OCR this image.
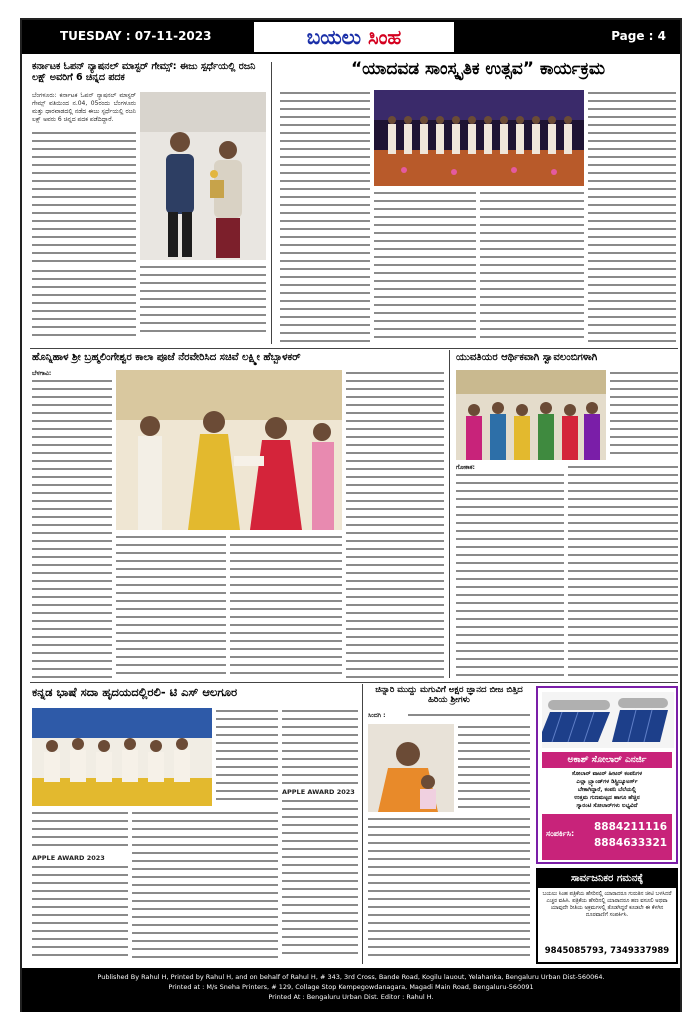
TUESDAY : 07-11-2023	ಬಯಲು ಸಿಂಹ	Page : 4
ಕರ್ನಾಟಕ ಓಪನ್ ನ್ಯಾಷನಲ್ ಮಾಸ್ಟರ್ ಗೇಮ್ಸ್: ಈಜು ಸ್ಪರ್ಧೆಯಲ್ಲಿ ರಜನಿ ಲಕ್ಷ್ ಅವರಿಗೆ 6 ಚಿನ್ನದ ಪದಕ
ಬೆಂಗಳೂರು: ಕರ್ನಾಟಕ ಓಪನ್ ನ್ಯಾಷನಲ್ ಮಾಸ್ಟರ್ ಗೇಮ್ಸ್ ವತಿಯಿಂದ ನ.04, 05ರಂದು ಬೆಂಗಳೂರು ಮತ್ತು ಧಾರವಾಡದಲ್ಲಿ ನಡೆದ ಈಜು ಸ್ಪರ್ಧೆಯಲ್ಲಿ ರಜನಿ ಲಕ್ಷ್ ಅವರು 6 ಚಿನ್ನದ ಪದಕ ಪಡೆದಿದ್ದಾರೆ.
“ಯಾದವಡ ಸಾಂಸ್ಕೃತಿಕ ಉತ್ಸವ” ಕಾರ್ಯಕ್ರಮ
ಹೊನ್ನಿಹಾಳ ಶ್ರೀ ಬ್ರಹ್ಮಲಿಂಗೇಶ್ವರ ಕಾಲಾ ಪೂಜೆ ನೆರವೇರಿಸಿದ ಸಚಿವೆ ಲಕ್ಷ್ಮೀ ಹೆಬ್ಬಾಳಕರ್
ಬೆಳಗಾವಿ:
ಯುವತಿಯರ ಆರ್ಥಿಕವಾಗಿ ಸ್ವಾವಲಂಬಿಗಳಾಗಿ
ಗೋಕಾಕ:
ಕನ್ನಡ ಭಾಷೆ ಸದಾ ಹೃದಯದಲ್ಲಿರಲಿ- ಟಿ ಎಸ್ ಆಲಗೂರ
APPLE AWARD 2023
APPLE AWARD 2023
ಚಿನ್ನಾರಿ ಮುದ್ದು ಮಗುವಿಗೆ ಅಕ್ಷರ ಜ್ಞಾನದ ಬೀಜ ಬಿತ್ತಿದ ಹಿರಿಯ ಶ್ರೀಗಳು
ಸಿಂದಗಿ :
ಅಕಾಶ್ ಸೋಲಾರ್ ಎನರ್ಜಿ
ಸೋಲಾರ್ ವಾಟರ್ ಹೀಟರ್ ಕಂಪನಿಗಳ
ಎಲ್ಲಾ ಬ್ರ್ಯಾಂಡ್‌ಗಳ ಡಿಸ್ಟ್ರಿಬ್ಯೂಟರ್ಸ್
ಬೇಕಾಗಿದ್ದಾರೆ, ಕಂಪನಿ ಬೆಲೆಯಲ್ಲಿ
ಉತ್ತಮ ಗುಣಮಟ್ಟದ ಹಾಗೂ ಹೆಚ್ಚಿನ
ಗ್ಯಾರಂಟಿ ಸೋಲಾರ್‌ಗಳು ಲಭ್ಯವಿದೆ
ಸಂಪರ್ಕಿಸಿ:
8884211116
8884633321
ಸಾರ್ವಜನಿಕರ ಗಮನಕ್ಕೆ
ಬಯಲು ಸಿಂಹ ಪತ್ರಿಕೆಯ ಹೆಸರಿನಲ್ಲಿ ಯಾರಾದರೂ ಗುರುತಿನ ಚೀಟಿ ಬಳಸಿದರೆ ಎಚ್ಚರ ವಹಿಸಿ. ಪತ್ರಿಕೆಯ ಹೆಸರಿನಲ್ಲಿ ಯಾರಾದರೂ ಹಣ ವಸೂಲಿ ಅಥವಾ ಯಾವುದೇ ರೀತಿಯ ಅಕ್ರಮಗಳಲ್ಲಿ ತೊಡಗಿದ್ದರೆ ಕೂಡಲೇ ಈ ಕೆಳಗಿನ ದೂರವಾಣಿಗೆ ಸಂಪರ್ಕಿಸಿ.
9845085793, 7349337989
Published By Rahul H, Printed by Rahul H, and on behalf of Rahul H, # 343, 3rd Cross, Bande Road, Kogilu lauout, Yelahanka, Bengaluru Urban Dist-560064.
Printed at : M/s Sneha Printers, # 129, Collage Stop Kempegowdanagara, Magadi Main Road, Bengaluru-560091
Printed At : Bengaluru Urban Dist. Editor : Rahul H.
